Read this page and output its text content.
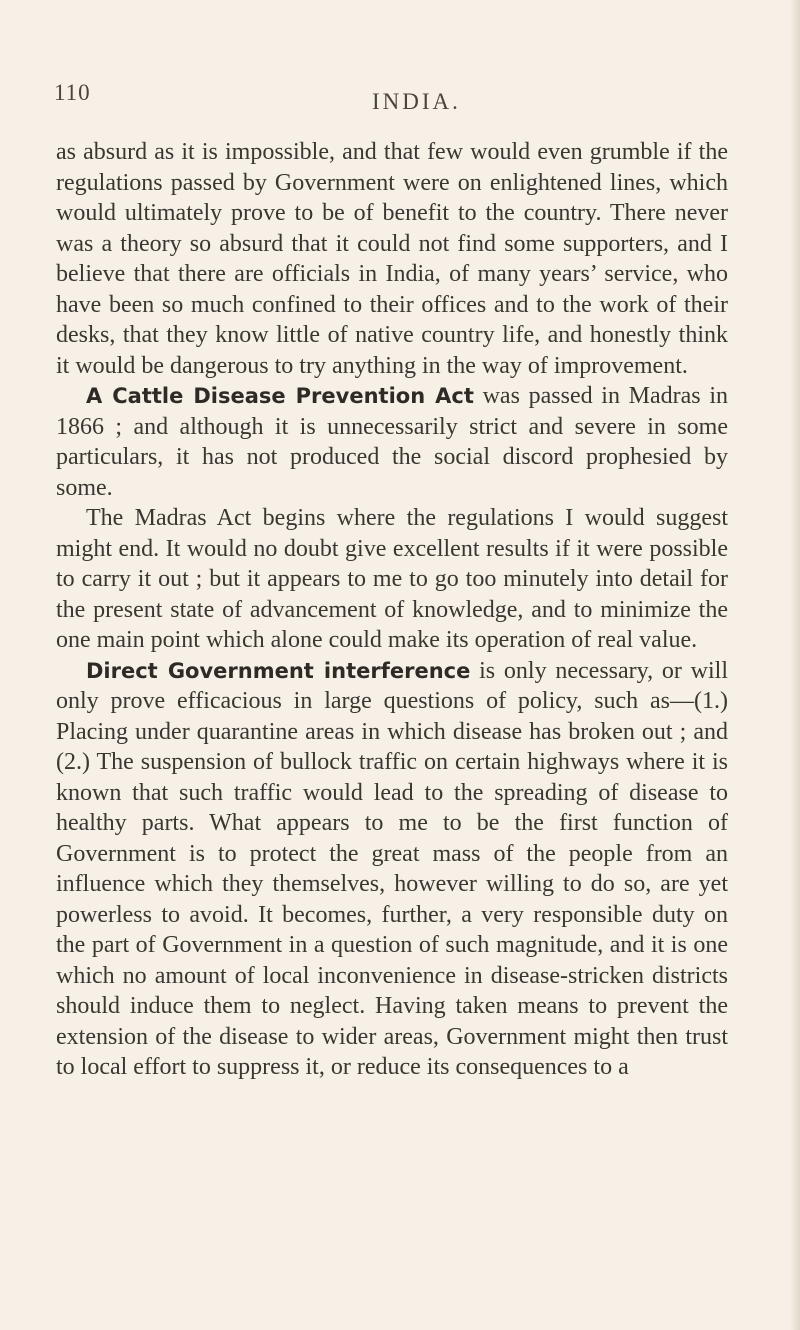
110	INDIA.

as absurd as it is impossible, and that few would even grumble if the regulations passed by Government were on enlightened lines, which would ultimately prove to be of benefit to the country. There never was a theory so absurd that it could not find some supporters, and I believe that there are officials in India, of many years’ service, who have been so much confined to their offices and to the work of their desks, that they know little of native country life, and honestly think it would be dangerous to try anything in the way of improvement.

A Cattle Disease Prevention Act was passed in Madras in 1866 ; and although it is unnecessarily strict and severe in some particulars, it has not produced the social discord prophesied by some.

The Madras Act begins where the regulations I would suggest might end. It would no doubt give excellent results if it were possible to carry it out ; but it appears to me to go too minutely into detail for the present state of advancement of knowledge, and to minimize the one main point which alone could make its operation of real value.

Direct Government interference is only necessary, or will only prove efficacious in large questions of policy, such as—(1.) Placing under quarantine areas in which disease has broken out ; and (2.) The suspension of bullock traffic on certain highways where it is known that such traffic would lead to the spreading of disease to healthy parts. What appears to me to be the first function of Government is to protect the great mass of the people from an influence which they themselves, however willing to do so, are yet powerless to avoid. It becomes, further, a very responsible duty on the part of Government in a question of such magnitude, and it is one which no amount of local inconvenience in disease-stricken districts should induce them to neglect. Having taken means to prevent the extension of the disease to wider areas, Government might then trust to local effort to suppress it, or reduce its consequences to a
